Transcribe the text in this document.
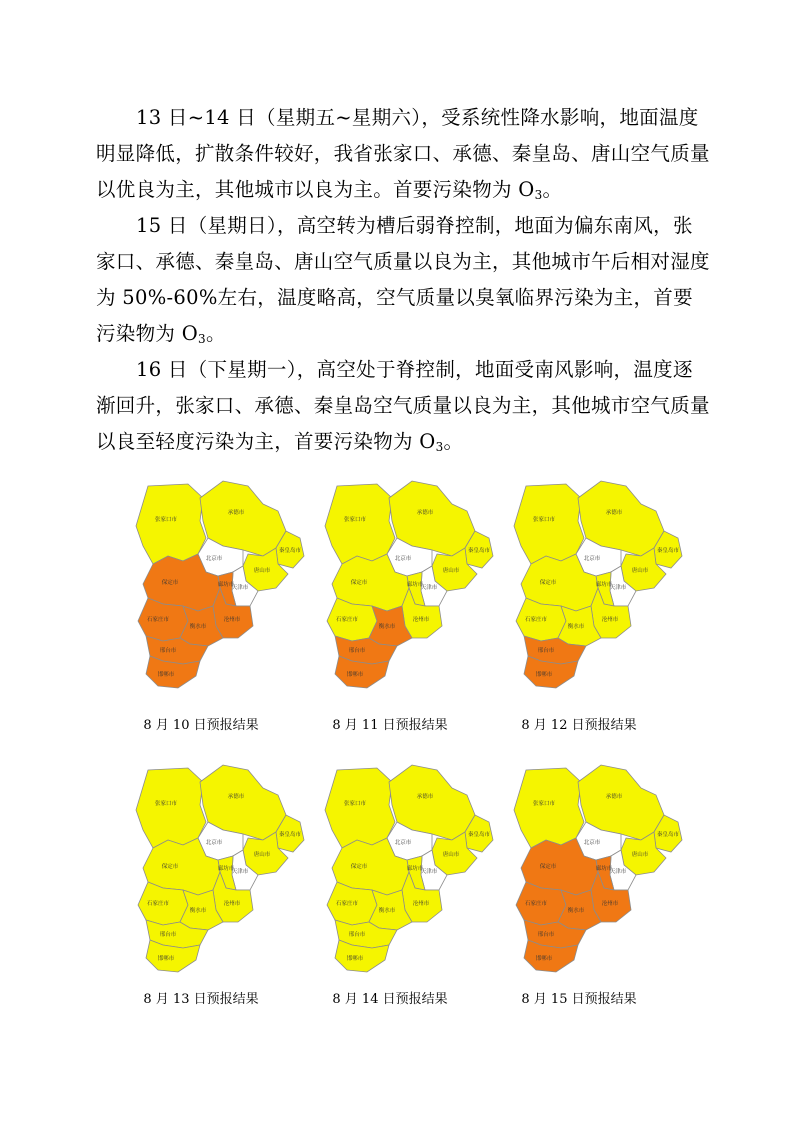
13 日~14 日（星期五~星期六），受系统性降水影响，地面温度明显降低，扩散条件较好，我省张家口、承德、秦皇岛、唐山空气质量以优良为主，其他城市以良为主。首要污染物为 $O_3$。

15 日（星期日），高空转为槽后弱脊控制，地面为偏东南风，张家口、承德、秦皇岛、唐山空气质量以良为主，其他城市午后相对湿度为 50%-60%左右，温度略高，空气质量以臭氧临界污染为主，首要污染物为 $O_3$。

16 日（下星期一），高空处于脊控制，地面受南风影响，温度逐渐回升，张家口、承德、秦皇岛空气质量以良为主，其他城市空气质量以良至轻度污染为主，首要污染物为 $O_3$。

张家口市
承德市
秦皇岛市
唐山市
北京市
天津市
廊坊市
保定市
沧州市
石家庄市
衡水市
邢台市
邯郸市
张家口市
承德市
秦皇岛市
唐山市
北京市
天津市
廊坊市
保定市
沧州市
石家庄市
衡水市
邢台市
邯郸市
张家口市
承德市
秦皇岛市
唐山市
北京市
天津市
廊坊市
保定市
沧州市
石家庄市
衡水市
邢台市
邯郸市
张家口市
承德市
秦皇岛市
唐山市
北京市
天津市
廊坊市
保定市
沧州市
石家庄市
衡水市
邢台市
邯郸市
张家口市
承德市
秦皇岛市
唐山市
北京市
天津市
廊坊市
保定市
沧州市
石家庄市
衡水市
邢台市
邯郸市
张家口市
承德市
秦皇岛市
唐山市
北京市
天津市
廊坊市
保定市
沧州市
石家庄市
衡水市
邢台市
邯郸市
8 月 10 日预报结果	8 月 11 日预报结果	8 月 12 日预报结果
8 月 13 日预报结果	8 月 14 日预报结果	8 月 15 日预报结果
